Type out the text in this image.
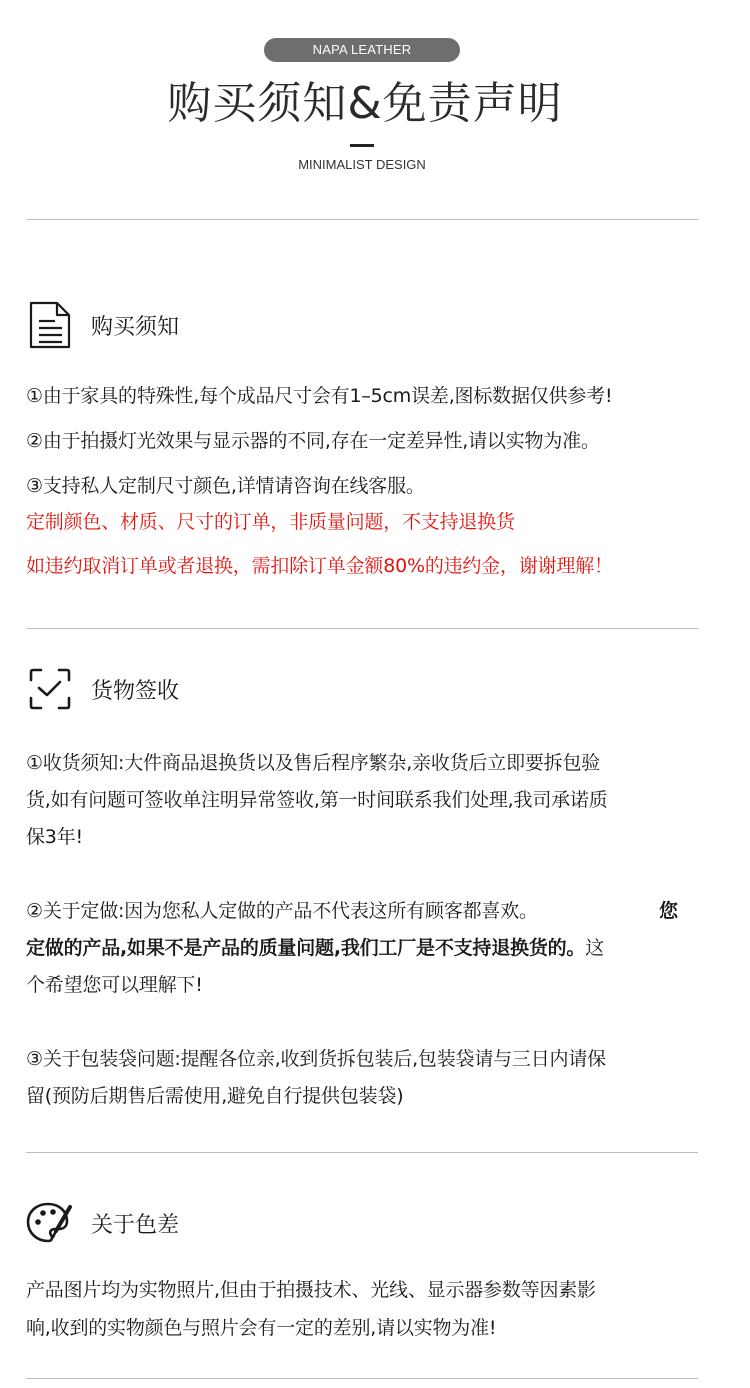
NAPA LEATHER
购买须知&免责声明
MINIMALIST DESIGN
购买须知
①由于家具的特殊性,每个成品尺寸会有1–5cm误差,图标数据仅供参考!
②由于拍摄灯光效果与显示器的不同,存在一定差异性,请以实物为准。
③支持私人定制尺寸颜色,详情请咨询在线客服。
定制颜色、材质、尺寸的订单，非质量问题，不支持退换货
如违约取消订单或者退换，需扣除订单金额80%的违约金，谢谢理解！
货物签收
①收货须知:大件商品退换货以及售后程序繁杂,亲收货后立即要拆包验
货,如有问题可签收单注明异常签收,第一时间联系我们处理,我司承诺质
保3年!
②关于定做:因为您私人定做的产品不代表这所有顾客都喜欢。	您
定做的产品,如果不是产品的质量问题,我们工厂是不支持退换货的。这
个希望您可以理解下!
③关于包装袋问题:提醒各位亲,收到货拆包装后,包装袋请与三日内请保
留(预防后期售后需使用,避免自行提供包装袋)
关于色差
产品图片均为实物照片,但由于拍摄技术、光线、显示器参数等因素影
响,收到的实物颜色与照片会有一定的差别,请以实物为准!
